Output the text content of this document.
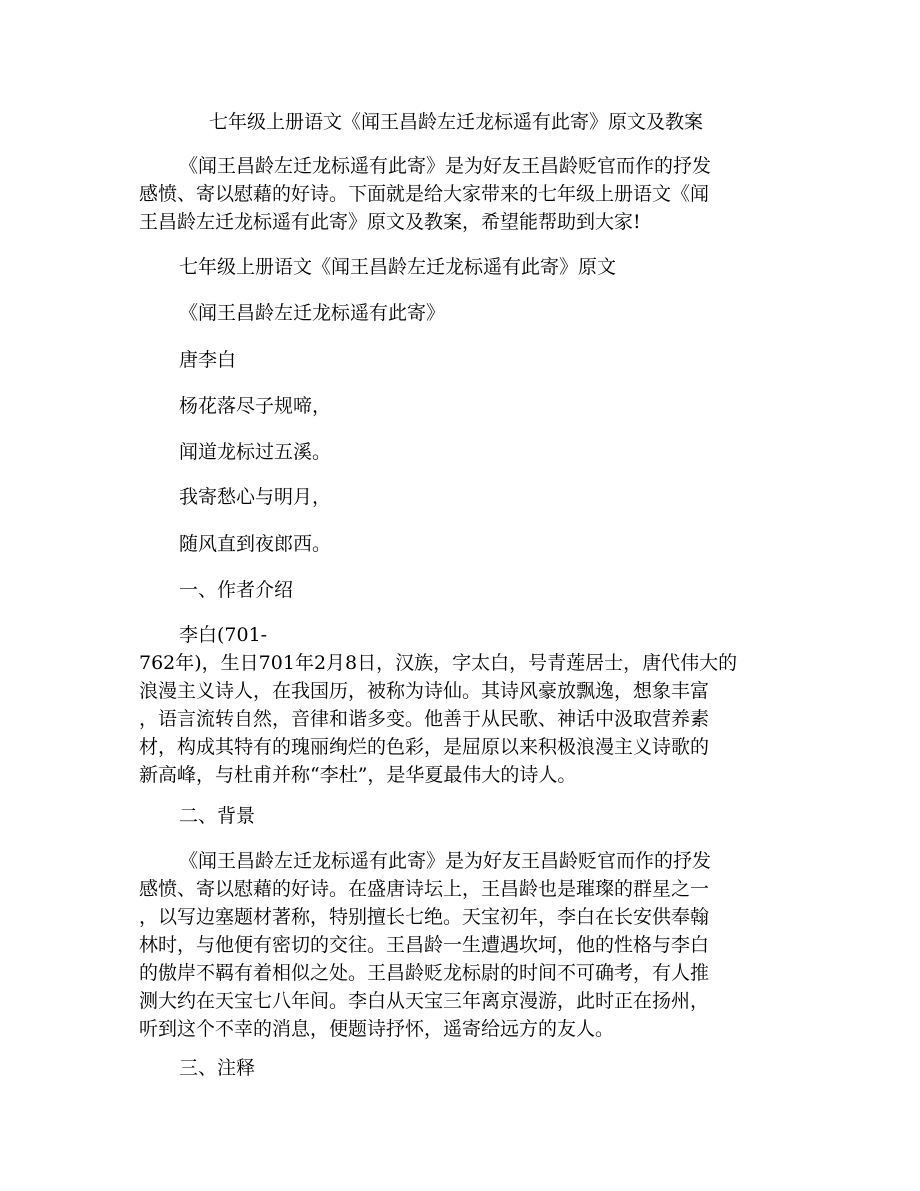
七年级上册语文《闻王昌龄左迁龙标遥有此寄》原文及教案

《闻王昌龄左迁龙标遥有此寄》是为好友王昌龄贬官而作的抒发

感愤、寄以慰藉的好诗。下面就是给大家带来的七年级上册语文《闻

王昌龄左迁龙标遥有此寄》原文及教案，希望能帮助到大家!

七年级上册语文《闻王昌龄左迁龙标遥有此寄》原文

《闻王昌龄左迁龙标遥有此寄》

唐李白

杨花落尽子规啼，

闻道龙标过五溪。

我寄愁心与明月，

随风直到夜郎西。

一、作者介绍

李白(701-

762年)，生日701年2月8日，汉族，字太白，号青莲居士，唐代伟大的

浪漫主义诗人，在我国历，被称为诗仙。其诗风豪放飘逸，想象丰富

，语言流转自然，音律和谐多变。他善于从民歌、神话中汲取营养素

材，构成其特有的瑰丽绚烂的色彩，是屈原以来积极浪漫主义诗歌的

新高峰，与杜甫并称“李杜”，是华夏最伟大的诗人。

二、背景

《闻王昌龄左迁龙标遥有此寄》是为好友王昌龄贬官而作的抒发

感愤、寄以慰藉的好诗。在盛唐诗坛上，王昌龄也是璀璨的群星之一

，以写边塞题材著称，特别擅长七绝。天宝初年，李白在长安供奉翰

林时，与他便有密切的交往。王昌龄一生遭遇坎坷，他的性格与李白

的傲岸不羁有着相似之处。王昌龄贬龙标尉的时间不可确考，有人推

测大约在天宝七八年间。李白从天宝三年离京漫游，此时正在扬州，

听到这个不幸的消息，便题诗抒怀，遥寄给远方的友人。

三、注释
